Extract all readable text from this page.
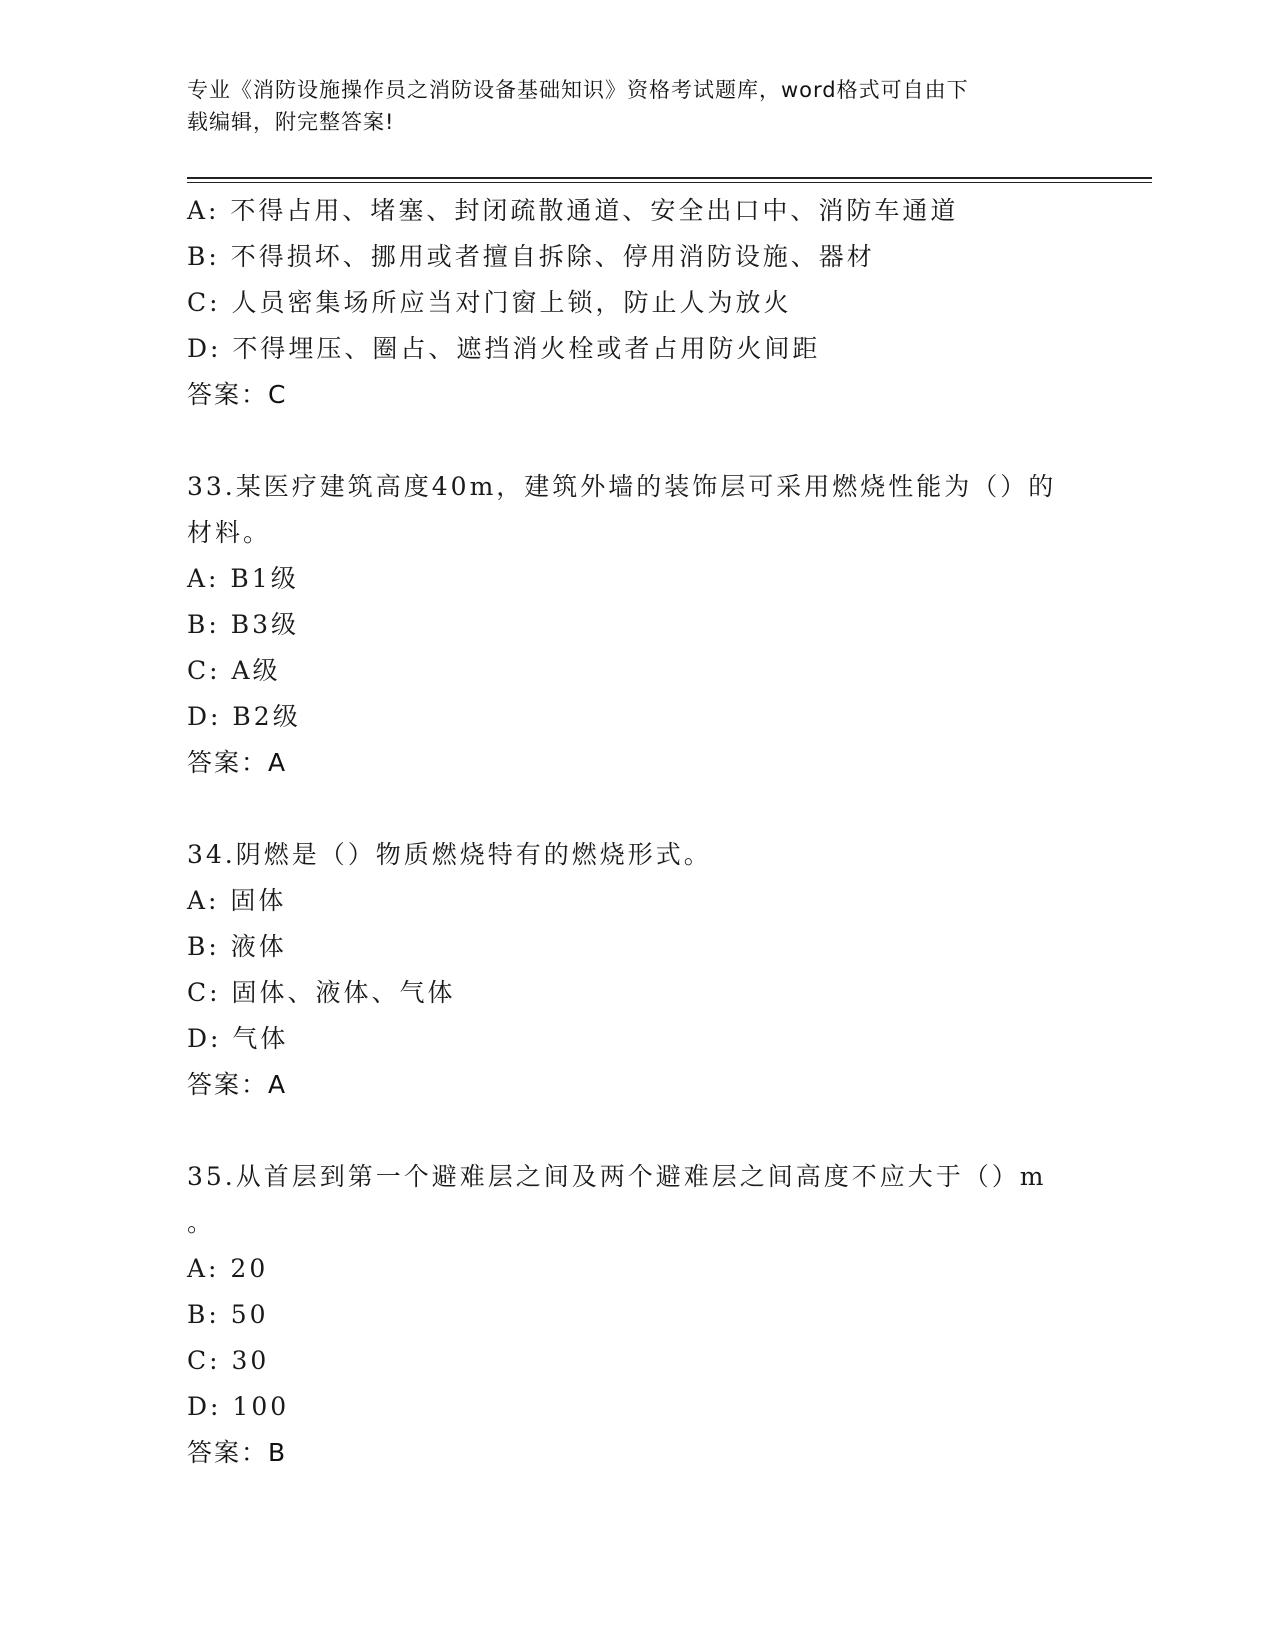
专业《消防设施操作员之消防设备基础知识》资格考试题库，word格式可自由下
载编辑，附完整答案!
A: 不得占用、堵塞、封闭疏散通道、安全出口中、消防车通道
B: 不得损坏、挪用或者擅自拆除、停用消防设施、器材
C: 人员密集场所应当对门窗上锁，防止人为放火
D: 不得埋压、圈占、遮挡消火栓或者占用防火间距
答案：C
33.某医疗建筑高度40m，建筑外墙的装饰层可采用燃烧性能为（）的
材料。
A: B1级
B: B3级
C: A级
D: B2级
答案：A
34.阴燃是（）物质燃烧特有的燃烧形式。
A: 固体
B: 液体
C: 固体、液体、气体
D: 气体
答案：A
35.从首层到第一个避难层之间及两个避难层之间高度不应大于（）m
。
A: 20
B: 50
C: 30
D: 100
答案：B
